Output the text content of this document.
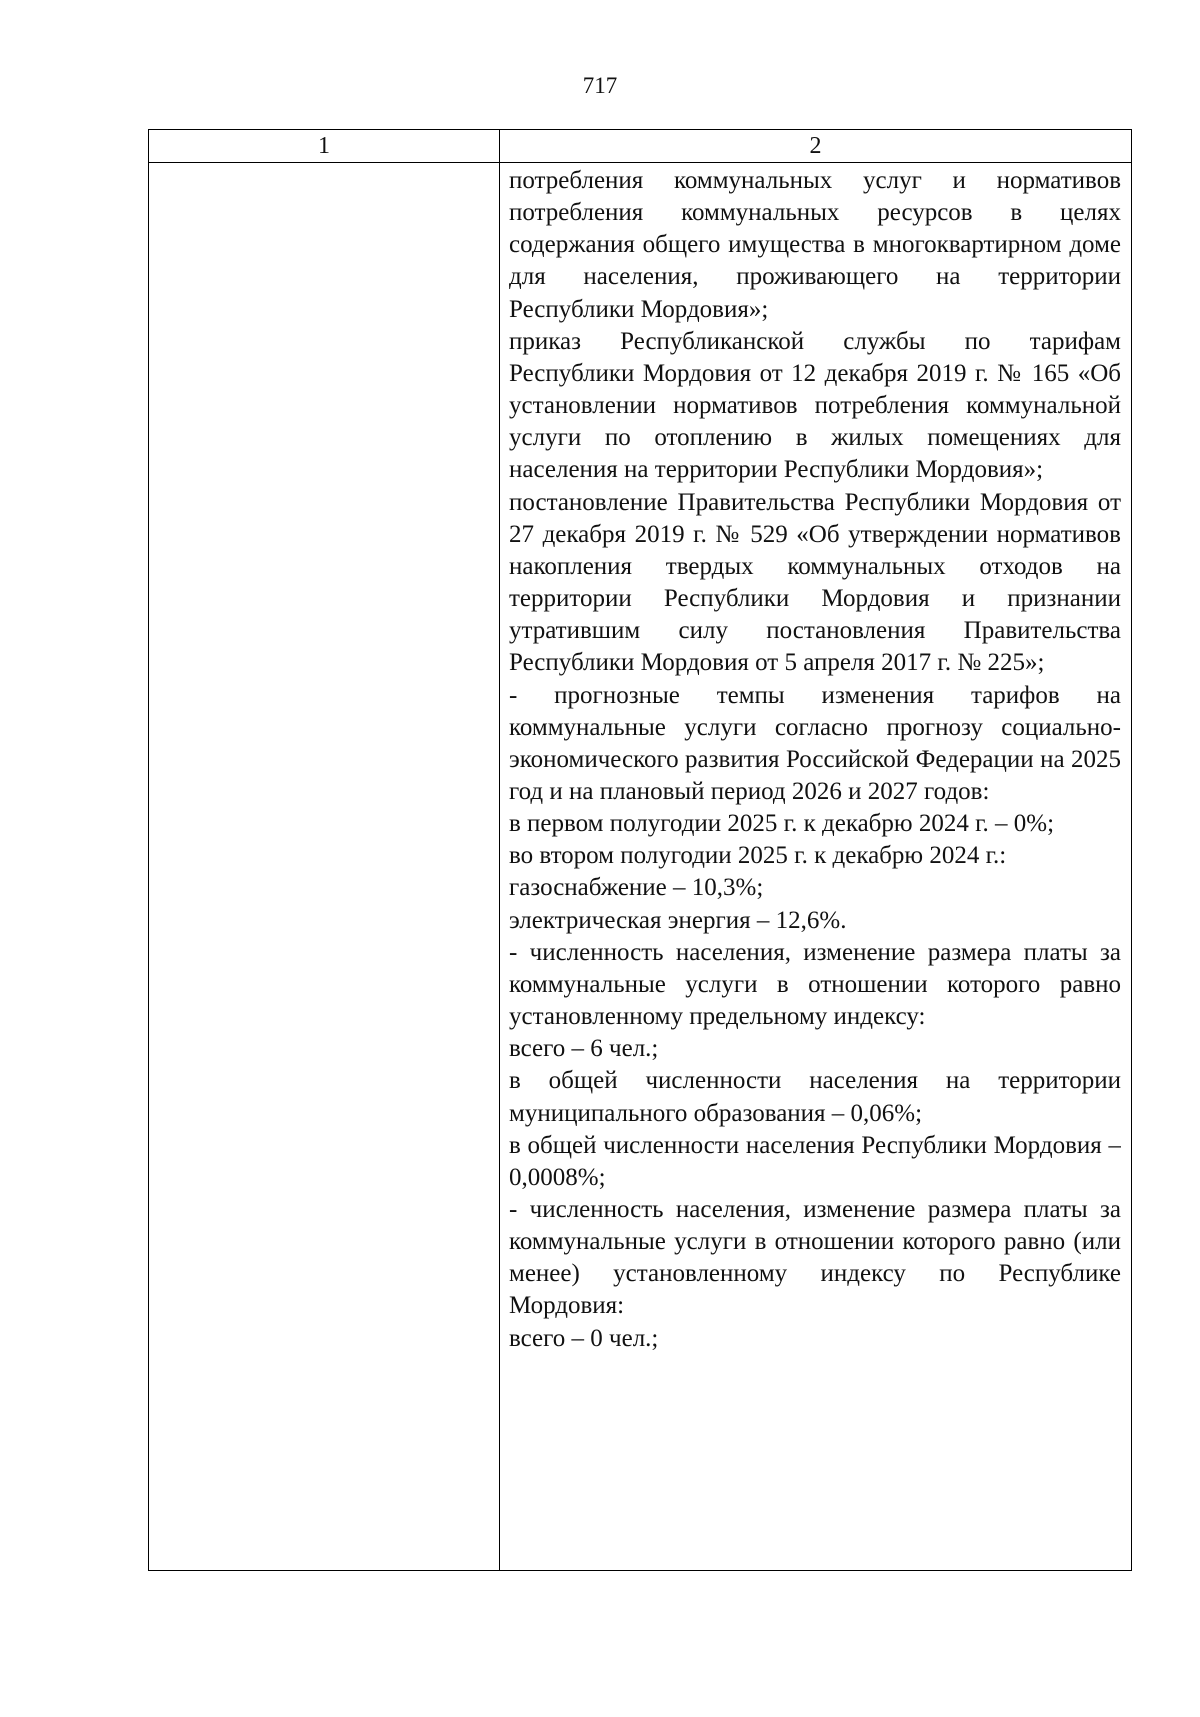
717
1	2

потребления коммунальных услуг и нормативов потребления коммунальных ресурсов в целях содержания общего имущества в многоквартирном доме для населения, проживающего на территории Республики Мордовия»;

приказ Республиканской службы по тарифам Республики Мордовия от 12 декабря 2019 г. № 165 «Об установлении нормативов потребления коммунальной услуги по отоплению в жилых помещениях для населения на территории Республики Мордовия»;

постановление Правительства Республики Мордовия от 27 декабря 2019 г. № 529 «Об утверждении нормативов накопления твердых коммунальных отходов на территории Республики Мордовия и признании утратившим силу постановления Правительства Республики Мордовия от 5 апреля 2017 г. № 225»;

- прогнозные темпы изменения тарифов на коммунальные услуги согласно прогнозу социально-экономического развития Российской Федерации на 2025 год и на плановый период 2026 и 2027 годов:

в первом полугодии 2025 г. к декабрю 2024 г. – 0%;

во втором полугодии 2025 г. к декабрю 2024 г.:

газоснабжение – 10,3%;

электрическая энергия – 12,6%.

- численность населения, изменение размера платы за коммунальные услуги в отношении которого равно установленному предельному индексу:

всего – 6 чел.;

в общей численности населения на территории муниципального образования – 0,06%;

в общей численности населения Республики Мордовия – 0,0008%;

- численность населения, изменение размера платы за коммунальные услуги в отношении которого равно (или менее) установленному индексу по Республике Мордовия:

всего – 0 чел.;
